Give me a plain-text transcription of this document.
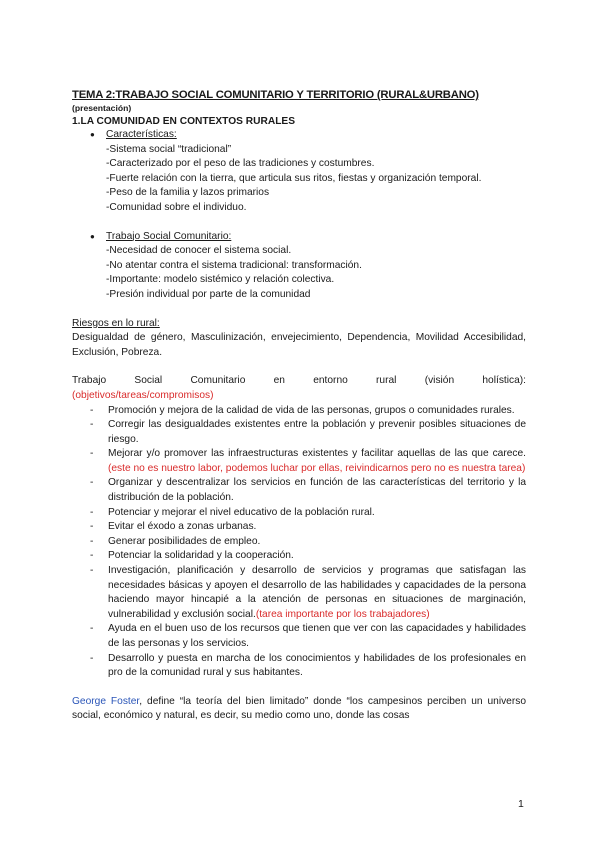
TEMA 2:TRABAJO SOCIAL COMUNITARIO Y TERRITORIO (RURAL&URBANO)
(presentación)
1.LA COMUNIDAD EN CONTEXTOS RURALES
●
Características:
-Sistema social “tradicional”
-Caracterizado por el peso de las tradiciones y costumbres.
-Fuerte relación con la tierra, que articula sus ritos, fiestas y organización temporal.
-Peso de la familia y lazos primarios
-Comunidad sobre el individuo.
●
Trabajo Social Comunitario:
-Necesidad de conocer el sistema social.
-No atentar contra el sistema tradicional: transformación.
-Importante: modelo sistémico y relación colectiva.
-Presión individual por parte de la comunidad
Riesgos en lo rural:
Desigualdad de género, Masculinización, envejecimiento, Dependencia, Movilidad Accesibilidad, Exclusión, Pobreza.
Trabajo Social Comunitario en entorno rural (visión holística):
(objetivos/tareas/compromisos)
-	Promoción y mejora de la calidad de vida de las personas, grupos o comunidades rurales.
-	Corregir las desigualdades existentes entre la población y prevenir posibles situaciones de riesgo.
-	Mejorar y/o promover las infraestructuras existentes y facilitar aquellas de las que carece.(este no es nuestro labor, podemos luchar por ellas, reivindicarnos pero no es nuestra tarea)
-	Organizar y descentralizar los servicios en función de las características del territorio y la distribución de la población.
-	Potenciar y mejorar el nivel educativo de la población rural.
-	Evitar el éxodo a zonas urbanas.
-	Generar posibilidades de empleo.
-	Potenciar la solidaridad y la cooperación.
-	Investigación, planificación y desarrollo de servicios y programas que satisfagan las necesidades básicas y apoyen el desarrollo de las habilidades y capacidades de la persona haciendo mayor hincapié a la atención de personas en situaciones de marginación, vulnerabilidad y exclusión social.(tarea importante por los trabajadores)
-	Ayuda en el buen uso de los recursos que tienen que ver con las capacidades y habilidades de las personas y los servicios.
-	Desarrollo y puesta en marcha de los conocimientos y habilidades de los profesionales en pro de la comunidad rural y sus habitantes.
George Foster, define “la teoría del bien limitado” donde “los campesinos perciben un universo social, económico y natural, es decir, su medio como uno, donde las cosas
1
